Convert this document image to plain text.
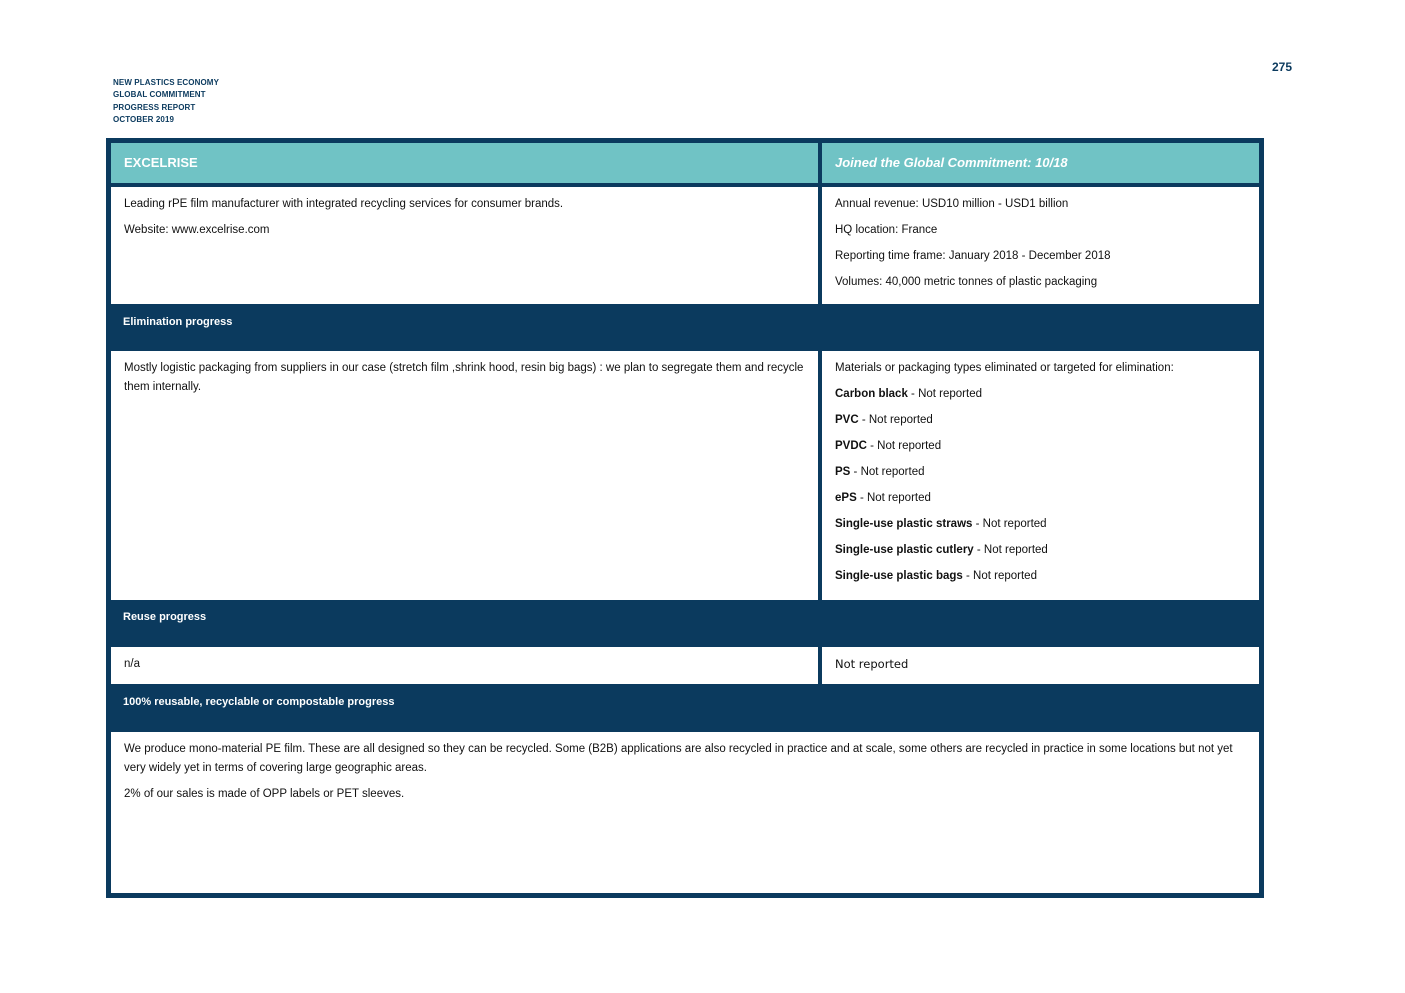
275
NEW PLASTICS ECONOMY
GLOBAL COMMITMENT
PROGRESS REPORT
OCTOBER 2019
EXCELRISE	Joined the Global Commitment: 10/18

Leading rPE film manufacturer with integrated recycling services for consumer brands.

Website: www.excelrise.com

Annual revenue: USD10 million - USD1 billion

HQ location: France

Reporting time frame: January 2018 - December 2018

Volumes: 40,000 metric tonnes of plastic packaging

Elimination progress

Mostly logistic packaging from suppliers in our case (stretch film ,shrink hood, resin big bags) : we plan to segregate them and recycle them internally.

Materials or packaging types eliminated or targeted for elimination:

Carbon black - Not reported

PVC - Not reported

PVDC - Not reported

PS - Not reported

ePS - Not reported

Single-use plastic straws - Not reported

Single-use plastic cutlery - Not reported

Single-use plastic bags - Not reported

Reuse progress

n/a	Not reported

100% reusable, recyclable or compostable progress

We produce mono-material PE film. These are all designed so they can be recycled. Some (B2B) applications are also recycled in practice and at scale, some others are recycled in practice in some locations but not yet very widely yet in terms of covering large geographic areas.

2% of our sales is made of OPP labels or PET sleeves.
